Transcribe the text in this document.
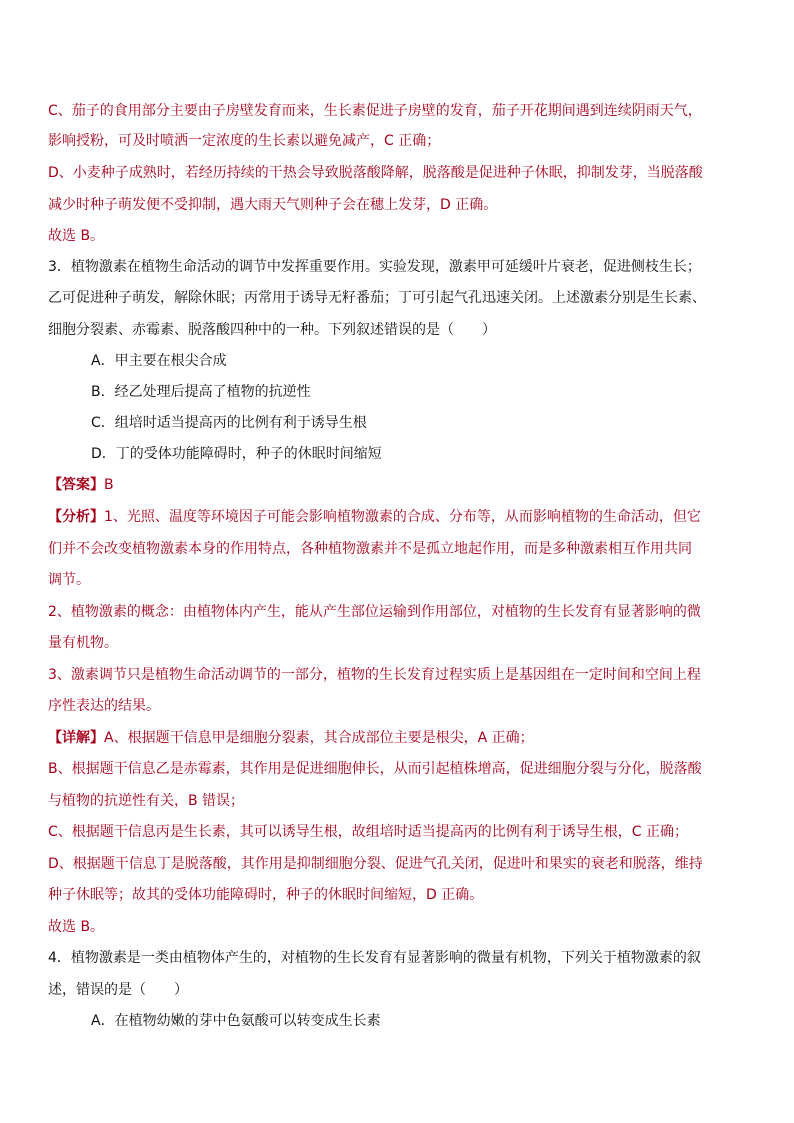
C、茄子的食用部分主要由子房壁发育而来，生长素促进子房壁的发育，茄子开花期间遇到连续阴雨天气，
影响授粉，可及时喷洒一定浓度的生长素以避免减产，C 正确；
D、小麦种子成熟时，若经历持续的干热会导致脱落酸降解，脱落酸是促进种子休眠，抑制发芽，当脱落酸
减少时种子萌发便不受抑制，遇大雨天气则种子会在穗上发芽，D 正确。
故选 B。
3．植物激素在植物生命活动的调节中发挥重要作用。实验发现，激素甲可延缓叶片衰老，促进侧枝生长；
乙可促进种子萌发，解除休眠；丙常用于诱导无籽番茄；丁可引起气孔迅速关闭。上述激素分别是生长素、
细胞分裂素、赤霉素、脱落酸四种中的一种。下列叙述错误的是（　　）
A．甲主要在根尖合成
B．经乙处理后提高了植物的抗逆性
C．组培时适当提高丙的比例有利于诱导生根
D．丁的受体功能障碍时，种子的休眠时间缩短
【答案】B
【分析】1、光照、温度等环境因子可能会影响植物激素的合成、分布等，从而影响植物的生命活动，但它
们并不会改变植物激素本身的作用特点，各种植物激素并不是孤立地起作用，而是多种激素相互作用共同
调节。
2、植物激素的概念：由植物体内产生，能从产生部位运输到作用部位，对植物的生长发育有显著影响的微
量有机物。
3、激素调节只是植物生命活动调节的一部分，植物的生长发育过程实质上是基因组在一定时间和空间上程
序性表达的结果。
【详解】A、根据题干信息甲是细胞分裂素，其合成部位主要是根尖，A 正确；
B、根据题干信息乙是赤霉素，其作用是促进细胞伸长，从而引起植株增高，促进细胞分裂与分化，脱落酸
与植物的抗逆性有关，B 错误；
C、根据题干信息丙是生长素，其可以诱导生根，故组培时适当提高丙的比例有利于诱导生根，C 正确；
D、根据题干信息丁是脱落酸，其作用是抑制细胞分裂、促进气孔关闭，促进叶和果实的衰老和脱落，维持
种子休眠等；故其的受体功能障碍时，种子的休眠时间缩短，D 正确。
故选 B。
4．植物激素是一类由植物体产生的，对植物的生长发育有显著影响的微量有机物，下列关于植物激素的叙
述，错误的是（　　）
A．在植物幼嫩的芽中色氨酸可以转变成生长素
